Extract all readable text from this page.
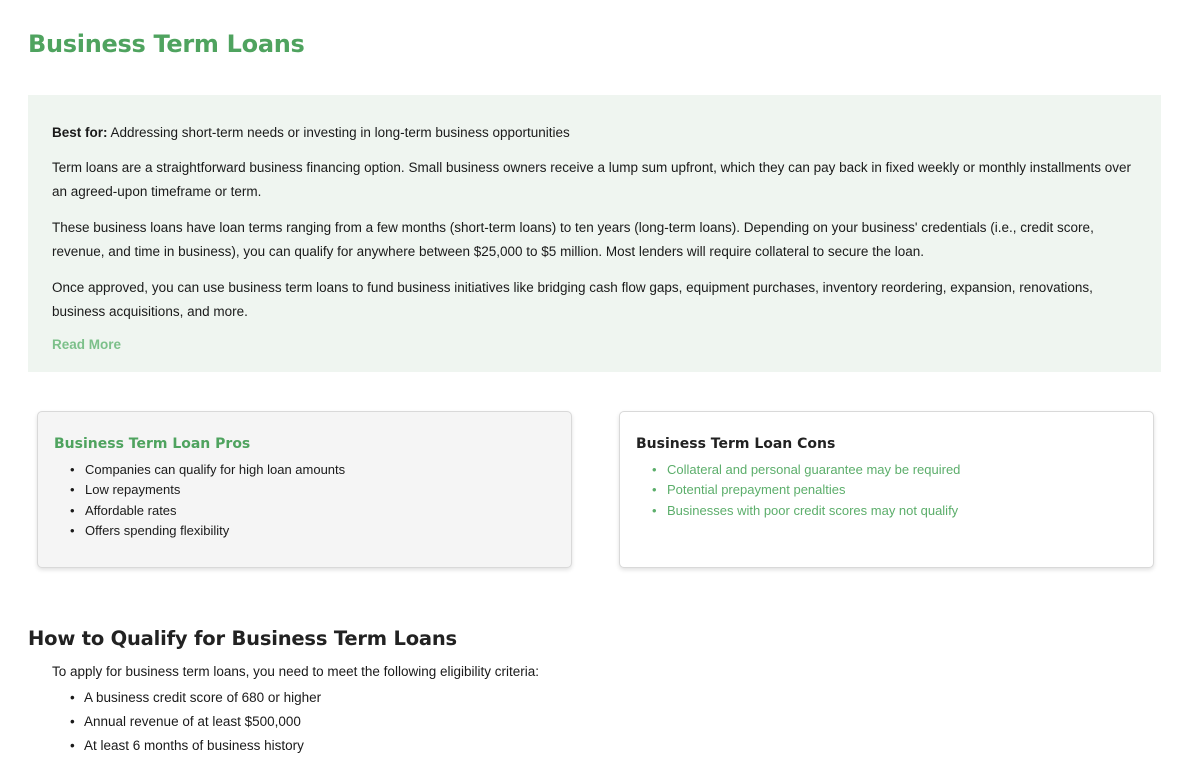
Business Term Loans

Best for: Addressing short-term needs or investing in long-term business opportunities

Term loans are a straightforward business financing option. Small business owners receive a lump sum upfront, which they can pay back in fixed weekly or monthly installments over an agreed-upon timeframe or term.

These business loans have loan terms ranging from a few months (short-term loans) to ten years (long-term loans). Depending on your business' credentials (i.e., credit score, revenue, and time in business), you can qualify for anywhere between $25,000 to $5 million. Most lenders will require collateral to secure the loan.

Once approved, you can use business term loans to fund business initiatives like bridging cash flow gaps, equipment purchases, inventory reordering, expansion, renovations, business acquisitions, and more.

Read More
Business Term Loan Pros
• Companies can qualify for high loan amounts
• Low repayments
• Affordable rates
• Offers spending flexibility
Business Term Loan Cons
• Collateral and personal guarantee may be required
• Potential prepayment penalties
• Businesses with poor credit scores may not qualify
How to Qualify for Business Term Loans

To apply for business term loans, you need to meet the following eligibility criteria:

• A business credit score of 680 or higher
• Annual revenue of at least $500,000
• At least 6 months of business history
